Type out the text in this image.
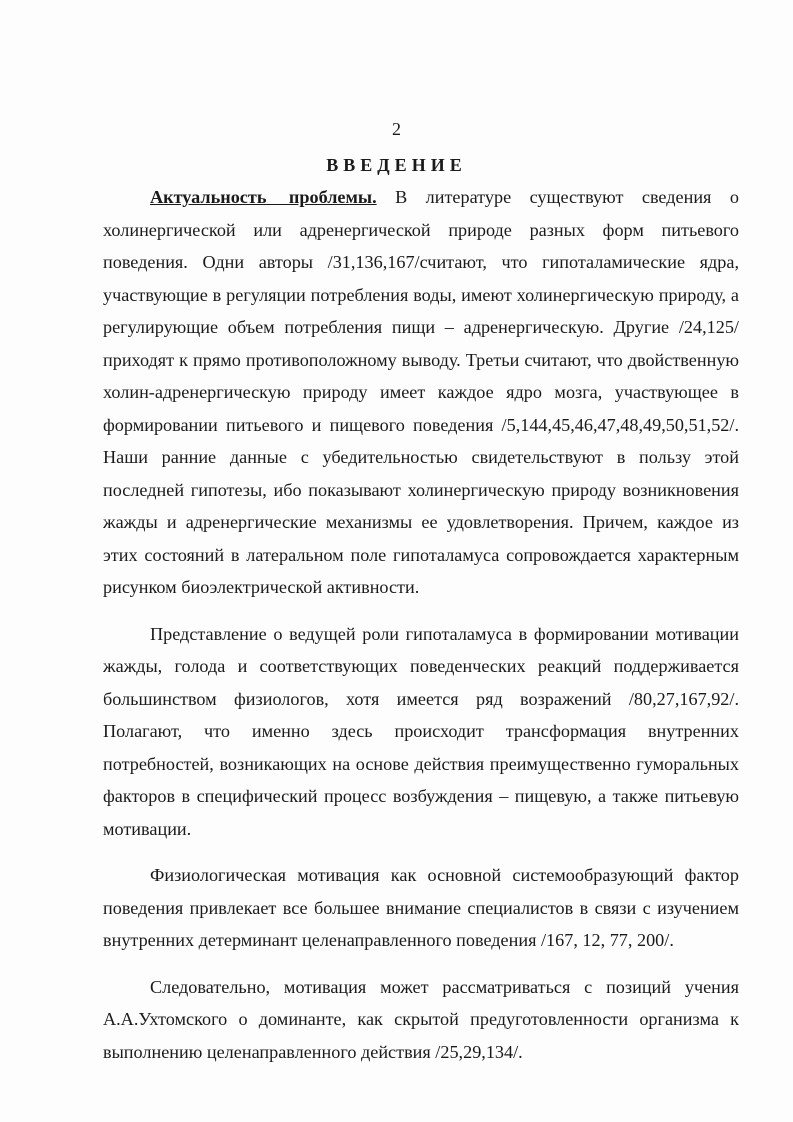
2
ВВЕДЕНИЕ

Актуальность проблемы. В литературе существуют сведения о холинергической или адренергической природе разных форм питьевого поведения. Одни авторы /31,136,167/считают, что гипоталамические ядра, участвующие в регуляции потребления воды, имеют холинергическую природу, а регулирующие объем потребления пищи – адренергическую. Другие /24,125/ приходят к прямо противоположному выводу. Третьи считают, что двойственную холин-адренергическую природу имеет каждое ядро мозга, участвующее в формировании питьевого и пищевого поведения /5,144,45,46,47,48,49,50,51,52/. Наши ранние данные с убедительностью свидетельствуют в пользу этой последней гипотезы, ибо показывают холинергическую природу возникновения жажды и адренергические механизмы ее удовлетворения. Причем, каждое из этих состояний в латеральном поле гипоталамуса сопровождается характерным рисунком биоэлектрической активности.

Представление о ведущей роли гипоталамуса в формировании мотивации жажды, голода и соответствующих поведенческих реакций поддерживается большинством физиологов, хотя имеется ряд возражений /80,27,167,92/. Полагают, что именно здесь происходит трансформация внутренних потребностей, возникающих на основе действия преимущественно гуморальных факторов в специфический процесс возбуждения – пищевую, а также питьевую мотивации.

Физиологическая мотивация как основной системообразующий фактор поведения привлекает все большее внимание специалистов в связи с изучением внутренних детерминант целенаправленного поведения /167, 12, 77, 200/.

Следовательно, мотивация может рассматриваться с позиций учения А.А.Ухтомского о доминанте, как скрытой предуготовленности организма к выполнению целенаправленного действия /25,29,134/.
